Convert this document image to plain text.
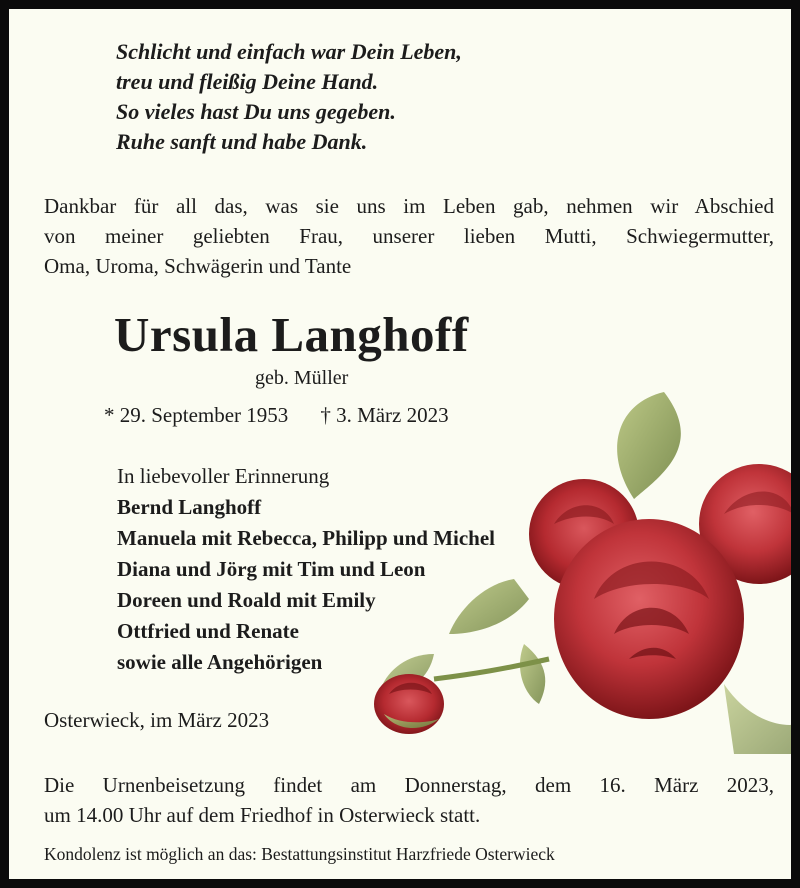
Schlicht und einfach war Dein Leben,
treu und fleißig Deine Hand.
So vieles hast Du uns gegeben.
Ruhe sanft und habe Dank.
Dankbar für all das, was sie uns im Leben gab, nehmen wir Abschied
von meiner geliebten Frau, unserer lieben Mutti, Schwiegermutter,
Oma, Uroma, Schwägerin und Tante
Ursula Langhoff
geb. Müller
* 29. September 1953 † 3. März 2023
In liebevoller Erinnerung
Bernd Langhoff
Manuela mit Rebecca, Philipp und Michel
Diana und Jörg mit Tim und Leon
Doreen und Roald mit Emily
Ottfried und Renate
sowie alle Angehörigen
Osterwieck, im März 2023
Die Urnenbeisetzung findet am Donnerstag, dem 16. März 2023,
um 14.00 Uhr auf dem Friedhof in Osterwieck statt.
Kondolenz ist möglich an das: Bestattungsinstitut Harzfriede Osterwieck
